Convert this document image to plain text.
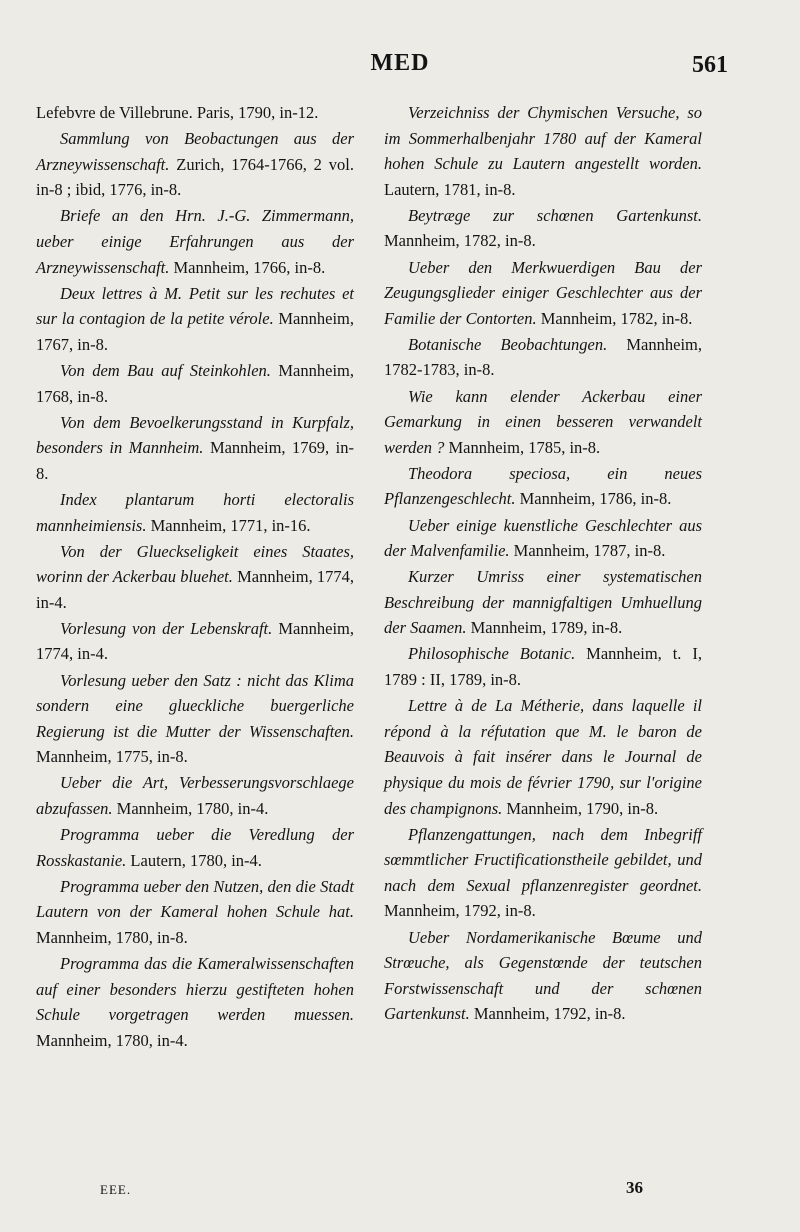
MED	561

Lefebvre de Villebrune. Paris, 1790, in-12.

Sammlung von Beobactungen aus der Arzneywissenschaft. Zurich, 1764-1766, 2 vol. in-8 ; ibid, 1776, in-8.

Briefe an den Hrn. J.-G. Zimmermann, ueber einige Erfahrungen aus der Arzneywissenschaft. Mannheim, 1766, in-8.

Deux lettres à M. Petit sur les rechutes et sur la contagion de la petite vérole. Mannheim, 1767, in-8.

Von dem Bau auf Steinkohlen. Mannheim, 1768, in-8.

Von dem Bevoelkerungsstand in Kurpfalz, besonders in Mannheim. Mannheim, 1769, in-8.

Index plantarum horti electoralis mannheimiensis. Mannheim, 1771, in-16.

Von der Glueckseligkeit eines Staates, worinn der Ackerbau bluehet. Mannheim, 1774, in-4.

Vorlesung von der Lebenskraft. Mannheim, 1774, in-4.

Vorlesung ueber den Satz : nicht das Klima sondern eine glueckliche buergerliche Regierung ist die Mutter der Wissenschaften. Mannheim, 1775, in-8.

Ueber die Art, Verbesserungsvorschlaege abzufassen. Mannheim, 1780, in-4.

Programma ueber die Veredlung der Rosskastanie. Lautern, 1780, in-4.

Programma ueber den Nutzen, den die Stadt Lautern von der Kameral hohen Schule hat. Mannheim, 1780, in-8.

Programma das die Kameralwissenschaften auf einer besonders hierzu gestifteten hohen Schule vorgetragen werden muessen. Mannheim, 1780, in-4.

Verzeichniss der Chymischen Versuche, so im Sommerhalbenjahr 1780 auf der Kameral hohen Schule zu Lautern angestellt worden. Lautern, 1781, in-8.

Beytræge zur schœnen Gartenkunst. Mannheim, 1782, in-8.

Ueber den Merkwuerdigen Bau der Zeugungsglieder einiger Geschlechter aus der Familie der Contorten. Mannheim, 1782, in-8.

Botanische Beobachtungen. Mannheim, 1782-1783, in-8.

Wie kann elender Ackerbau einer Gemarkung in einen besseren verwandelt werden ? Mannheim, 1785, in-8.

Theodora speciosa, ein neues Pflanzengeschlecht. Mannheim, 1786, in-8.

Ueber einige kuenstliche Geschlechter aus der Malvenfamilie. Mannheim, 1787, in-8.

Kurzer Umriss einer systematischen Beschreibung der mannigfaltigen Umhuellung der Saamen. Mannheim, 1789, in-8.

Philosophische Botanic. Mannheim, t. I, 1789 : II, 1789, in-8.

Lettre à de La Métherie, dans laquelle il répond à la réfutation que M. le baron de Beauvois à fait insérer dans le Journal de physique du mois de février 1790, sur l'origine des champignons. Mannheim, 1790, in-8.

Pflanzengattungen, nach dem Inbegriff sœmmtlicher Fructificationstheile gebildet, und nach dem Sexual pflanzenregister geordnet. Mannheim, 1792, in-8.

Ueber Nordamerikanische Bœume und Strœuche, als Gegenstœnde der teutschen Forstwissenschaft und der schœnen Gartenkunst. Mannheim, 1792, in-8.

EEE.	36
